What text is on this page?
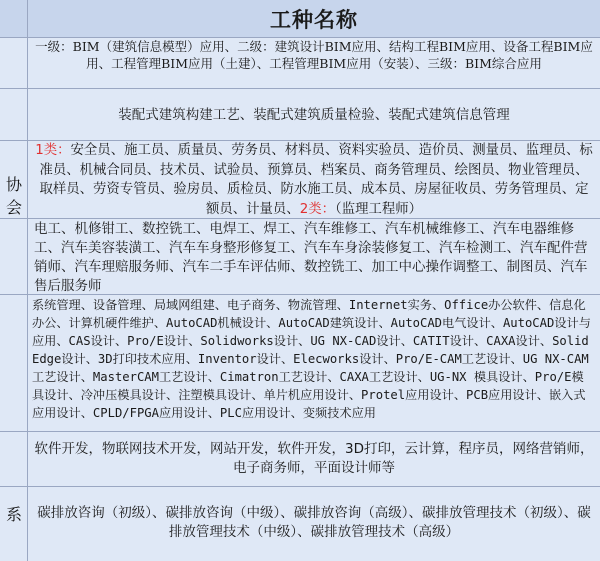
协会
系
工种名称
一级：BIM（建筑信息模型）应用、二级：建筑设计BIM应用、结构工程BIM应用、设备工程BIM应用、工程管理BIM应用（土建）、工程管理BIM应用（安装）、三级：BIM综合应用
装配式建筑构建工艺、装配式建筑质量检验、装配式建筑信息管理
1类：安全员、施工员、质量员、劳务员、材料员、资料实验员、造价员、测量员、监理员、标准员、机械合同员、技术员、试验员、预算员、档案员、商务管理员、绘图员、物业管理员、取样员、劳资专管员、验房员、质检员、防水施工员、成本员、房屋征收员、劳务管理员、定额员、计量员、2类：（监理工程师）
电工、机修钳工、数控铣工、电焊工、焊工、汽车维修工、汽车机械维修工、汽车电器维修工、汽车美容装潢工、汽车车身整形修复工、汽车车身涂装修复工、汽车检测工、汽车配件营销师、汽车理赔服务师、汽车二手车评估师、数控铣工、加工中心操作调整工、制图员、汽车售后服务师
系统管理、设备管理、局域网组建、电子商务、物流管理、Internet实务、Office办公软件、信息化办公、计算机硬件维护、AutoCAD机械设计、AutoCAD建筑设计、AutoCAD电气设计、AutoCAD设计与应用、CAS设计、Pro/E设计、Solidworks设计、UG NX-CAD设计、CATIT设计、CAXA设计、Solid Edge设计、3D打印技术应用、Inventor设计、Elecworks设计、Pro/E-CAM工艺设计、UG NX-CAM工艺设计、MasterCAM工艺设计、Cimatron工艺设计、CAXA工艺设计、UG-NX 模具设计、Pro/E模具设计、冷冲压模具设计、注塑模具设计、单片机应用设计、Protel应用设计、PCB应用设计、嵌入式应用设计、CPLD/FPGA应用设计、PLC应用设计、变频技术应用
软件开发，物联网技术开发，网站开发，软件开发，3D打印，云计算，程序员，网络营销师，电子商务师，平面设计师等
碳排放咨询（初级）、碳排放咨询（中级）、碳排放咨询（高级）、碳排放管理技术（初级）、碳排放管理技术（中级）、碳排放管理技术（高级）
